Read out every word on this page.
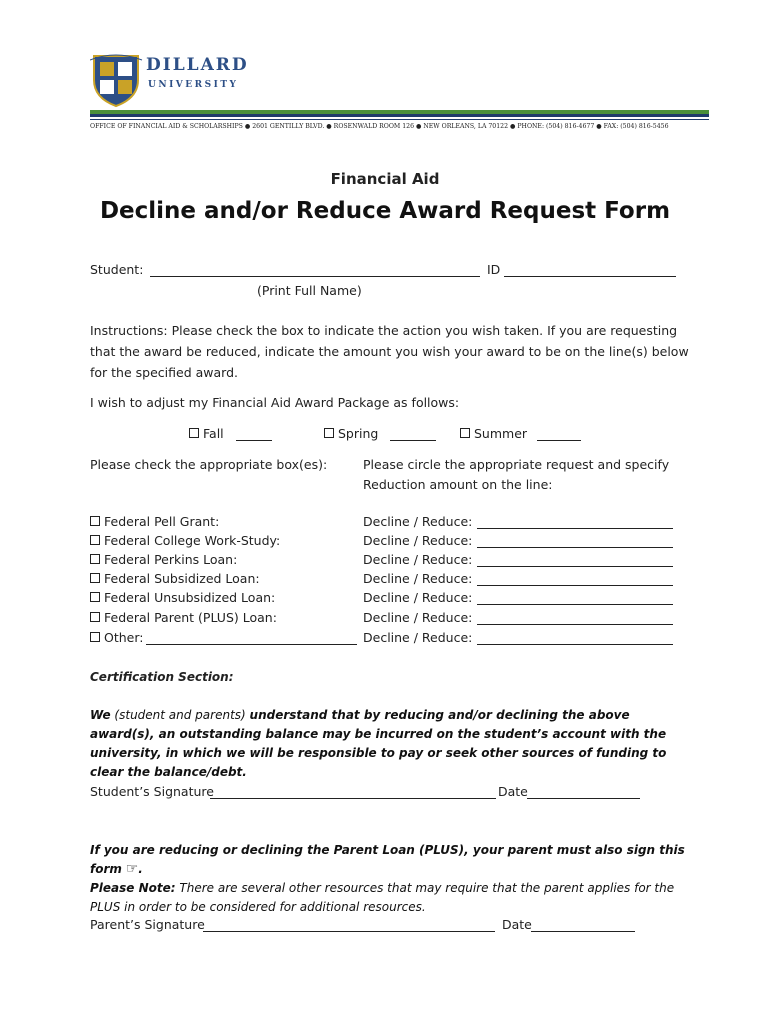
DILLARD
UNIVERSITY
OFFICE OF FINANCIAL AID & SCHOLARSHIPS ● 2601 GENTILLY BLVD. ● ROSENWALD ROOM 126 ● NEW ORLEANS, LA 70122 ● PHONE: (504) 816-4677 ● FAX: (504) 816-5456
Financial Aid
Decline and/or Reduce Award Request Form
Student:	ID
(Print Full Name)
Instructions: Please check the box to indicate the action you wish taken. If you are requesting that the award be reduced, indicate the amount you wish your award to be on the line(s) below for the specified award.
I wish to adjust my Financial Aid Award Package as follows:
Fall	Spring	Summer
Please check the appropriate box(es):	Please circle the appropriate request and specify
Reduction amount on the line:
Federal Pell Grant:	Decline / Reduce:
Federal College Work-Study:	Decline / Reduce:
Federal Perkins Loan:	Decline / Reduce:
Federal Subsidized Loan:	Decline / Reduce:
Federal Unsubsidized Loan:	Decline / Reduce:
Federal Parent (PLUS) Loan:	Decline / Reduce:
Other:	Decline / Reduce:
Certification Section:
We (student and parents) understand that by reducing and/or declining the above award(s), an outstanding balance may be incurred on the student’s account with the university, in which we will be responsible to pay or seek other sources of funding to clear the balance/debt.
Student’s Signature	Date
If you are reducing or declining the Parent Loan (PLUS), your parent must also sign this form ☞.
Please Note: There are several other resources that may require that the parent applies for the PLUS in order to be considered for additional resources.
Parent’s Signature	Date
